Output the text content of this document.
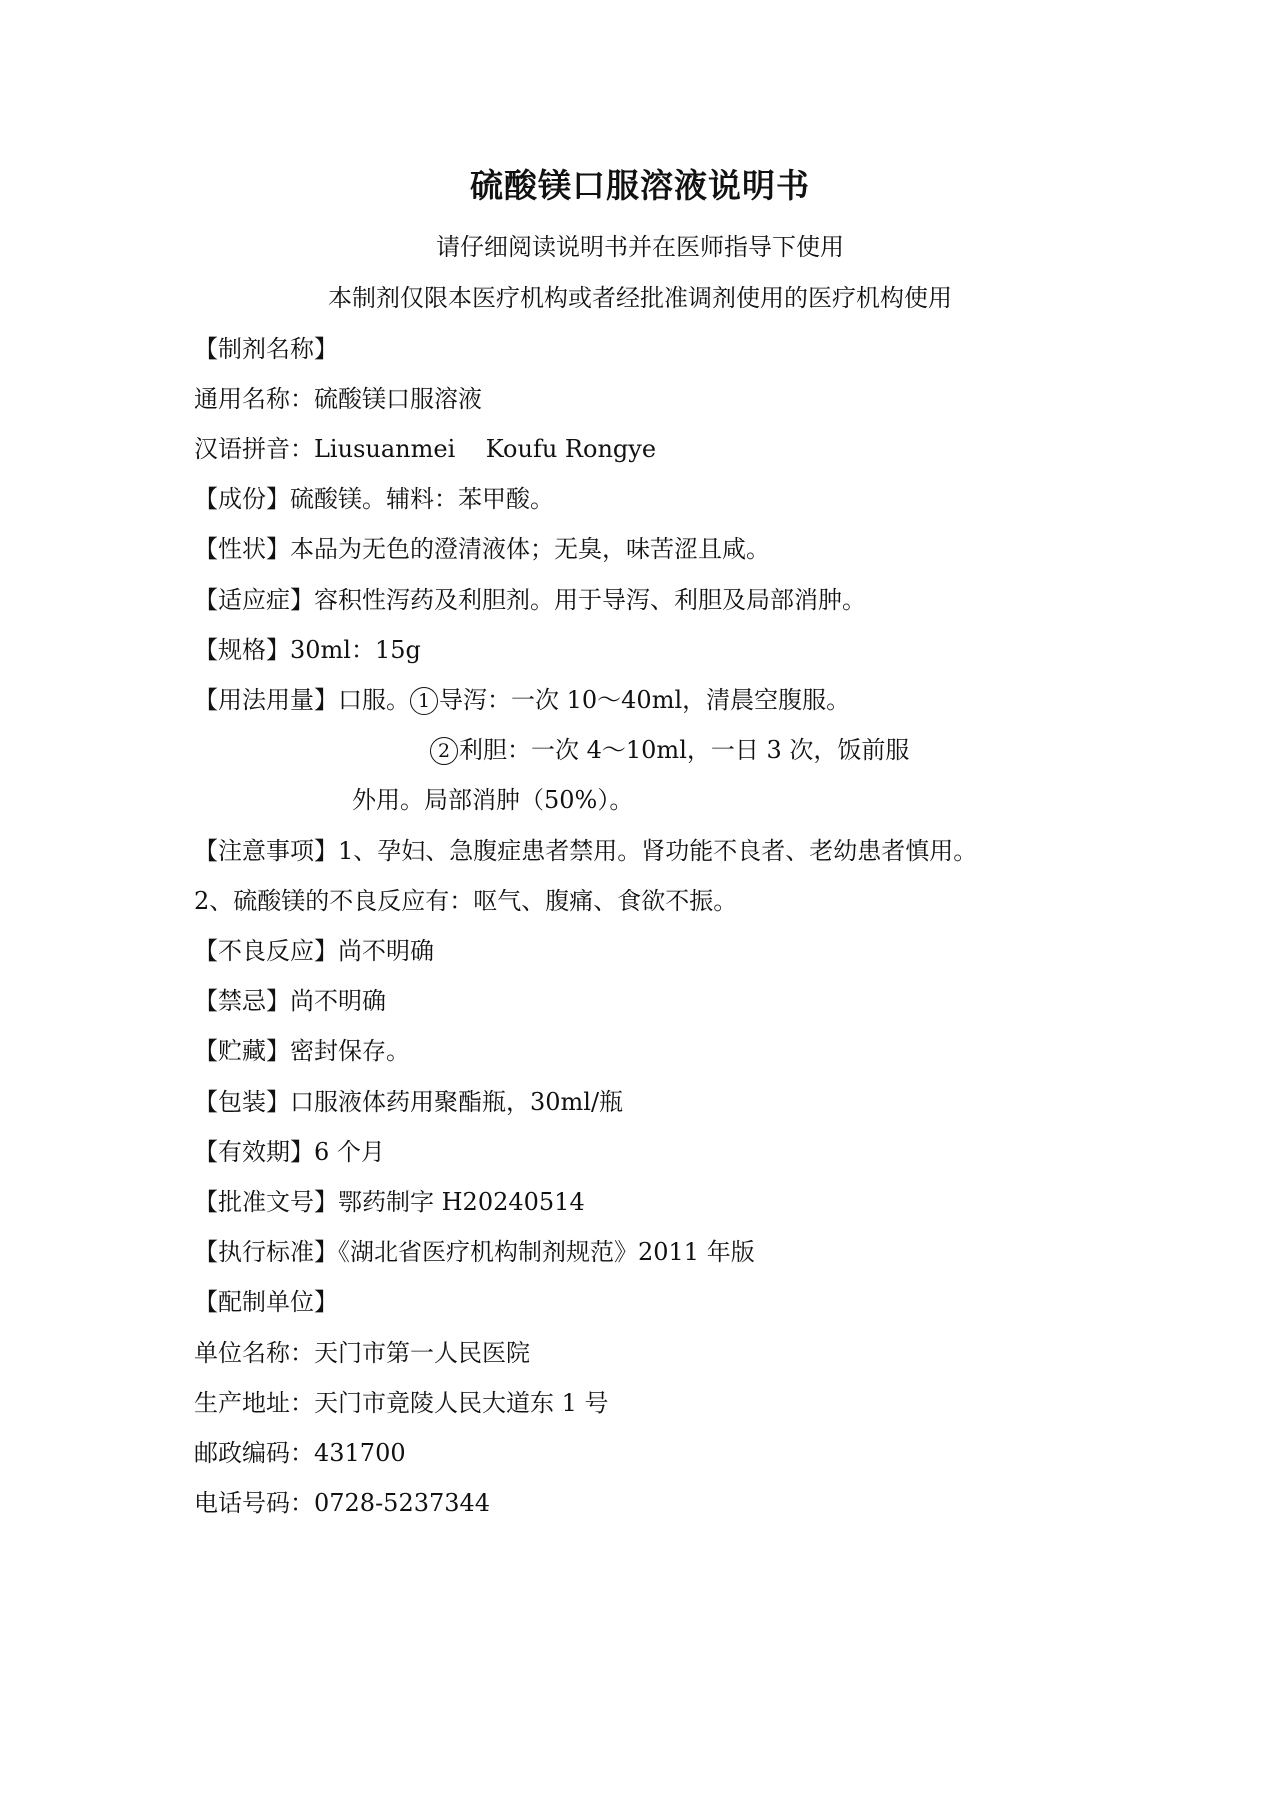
硫酸镁口服溶液说明书
请仔细阅读说明书并在医师指导下使用
本制剂仅限本医疗机构或者经批准调剂使用的医疗机构使用
【制剂名称】
通用名称：硫酸镁口服溶液
汉语拼音：Liusuanmei    Koufu Rongye
【成份】硫酸镁。辅料：苯甲酸。
【性状】本品为无色的澄清液体；无臭，味苦涩且咸。
【适应症】容积性泻药及利胆剂。用于导泻、利胆及局部消肿。
【规格】30ml：15g
【用法用量】口服。 1 导泻：一次 10～40ml，清晨空腹服。
2 利胆：一次 4～10ml，一日 3 次，饭前服
外用。局部消肿（50%）。
【注意事项】1、孕妇、急腹症患者禁用。肾功能不良者、老幼患者慎用。
2、硫酸镁的不良反应有：呕气、腹痛、食欲不振。
【不良反应】尚不明确
【禁忌】尚不明确
【贮藏】密封保存。
【包装】口服液体药用聚酯瓶，30ml/瓶
【有效期】6 个月
【批准文号】鄂药制字 H20240514
【执行标准】《湖北省医疗机构制剂规范》2011 年版
【配制单位】
单位名称：天门市第一人民医院
生产地址：天门市竟陵人民大道东 1 号
邮政编码：431700
电话号码：0728-5237344
